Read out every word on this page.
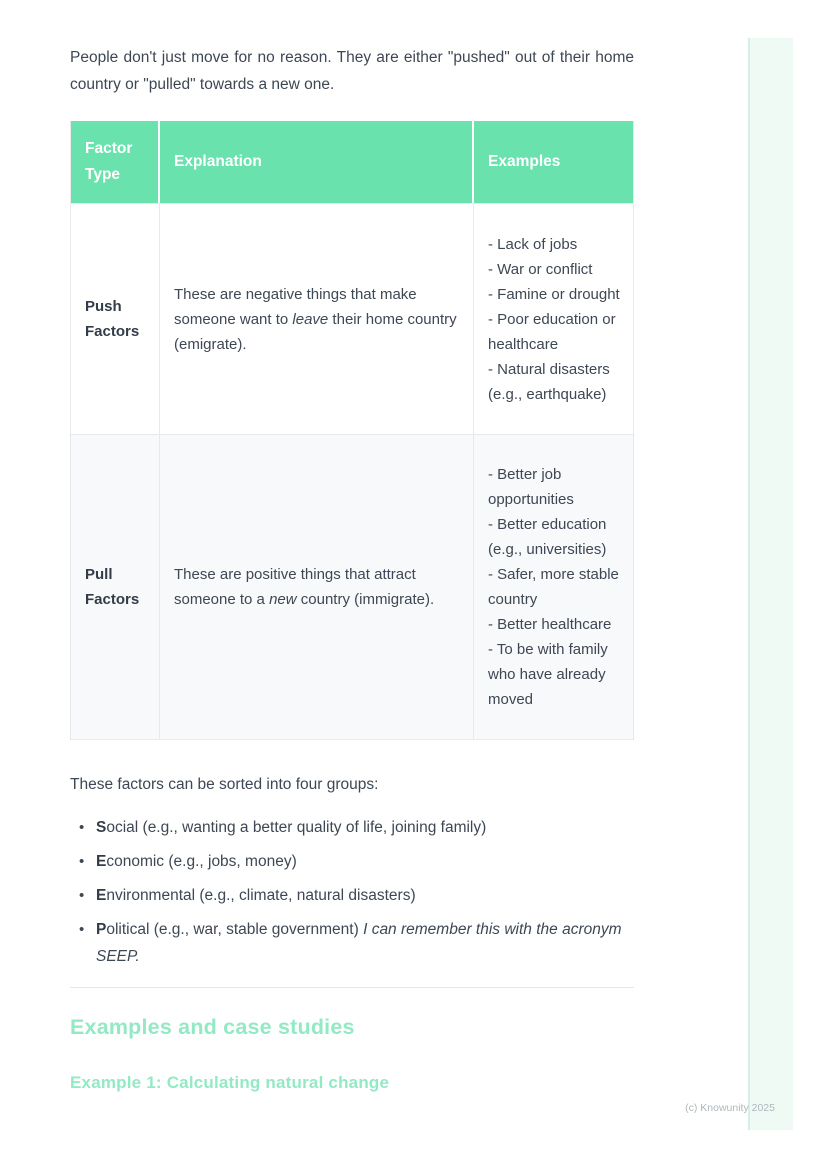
People don't just move for no reason. They are either "pushed" out of their home country or "pulled" towards a new one.

Factor Type
Explanation	Examples
Push Factors
These are negative things that make someone want to leave their home country (emigrate).
- Lack of jobs
- War or conflict
- Famine or drought
- Poor education or healthcare
- Natural disasters (e.g., earthquake)
Pull Factors
These are positive things that attract someone to a new country (immigrate).
- Better job opportunities
- Better education (e.g., universities)
- Safer, more stable country
- Better healthcare
- To be with family who have already moved

These factors can be sorted into four groups:

• Social (e.g., wanting a better quality of life, joining family)
• Economic (e.g., jobs, money)
• Environmental (e.g., climate, natural disasters)
• Political (e.g., war, stable government) I can remember this with the acronym SEEP.
Examples and case studies
Example 1: Calculating natural change
(c) Knowunity 2025
